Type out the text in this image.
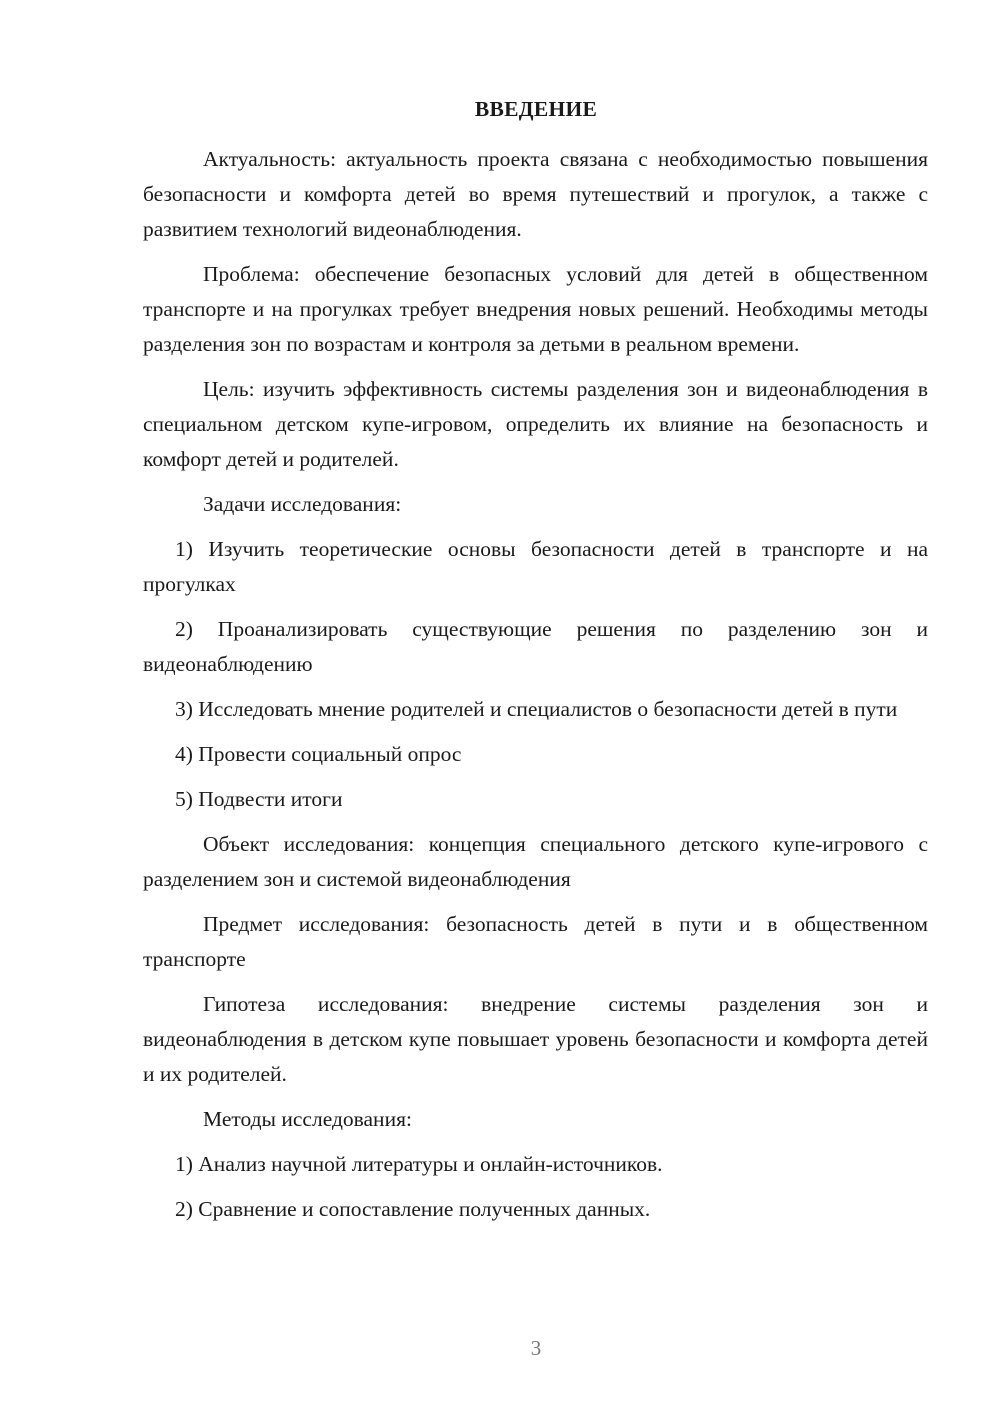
ВВЕДЕНИЕ

Актуальность: актуальность проекта связана с необходимостью повышения безопасности и комфорта детей во время путешествий и прогулок, а также с развитием технологий видеонаблюдения.

Проблема: обеспечение безопасных условий для детей в общественном транспорте и на прогулках требует внедрения новых решений. Необходимы методы разделения зон по возрастам и контроля за детьми в реальном времени.

Цель: изучить эффективность системы разделения зон и видеонаблюдения в специальном детском купе-игровом, определить их влияние на безопасность и комфорт детей и родителей.

Задачи исследования:

1) Изучить теоретические основы безопасности детей в транспорте и на прогулках

2) Проанализировать существующие решения по разделению зон и видеонаблюдению

3) Исследовать мнение родителей и специалистов о безопасности детей в пути

4) Провести социальный опрос

5) Подвести итоги

Объект исследования: концепция специального детского купе-игрового с разделением зон и системой видеонаблюдения

Предмет исследования: безопасность детей в пути и в общественном транспорте

Гипотеза исследования: внедрение системы разделения зон и видеонаблюдения в детском купе повышает уровень безопасности и комфорта детей и их родителей.

Методы исследования:

1) Анализ научной литературы и онлайн-источников.

2) Сравнение и сопоставление полученных данных.

3
